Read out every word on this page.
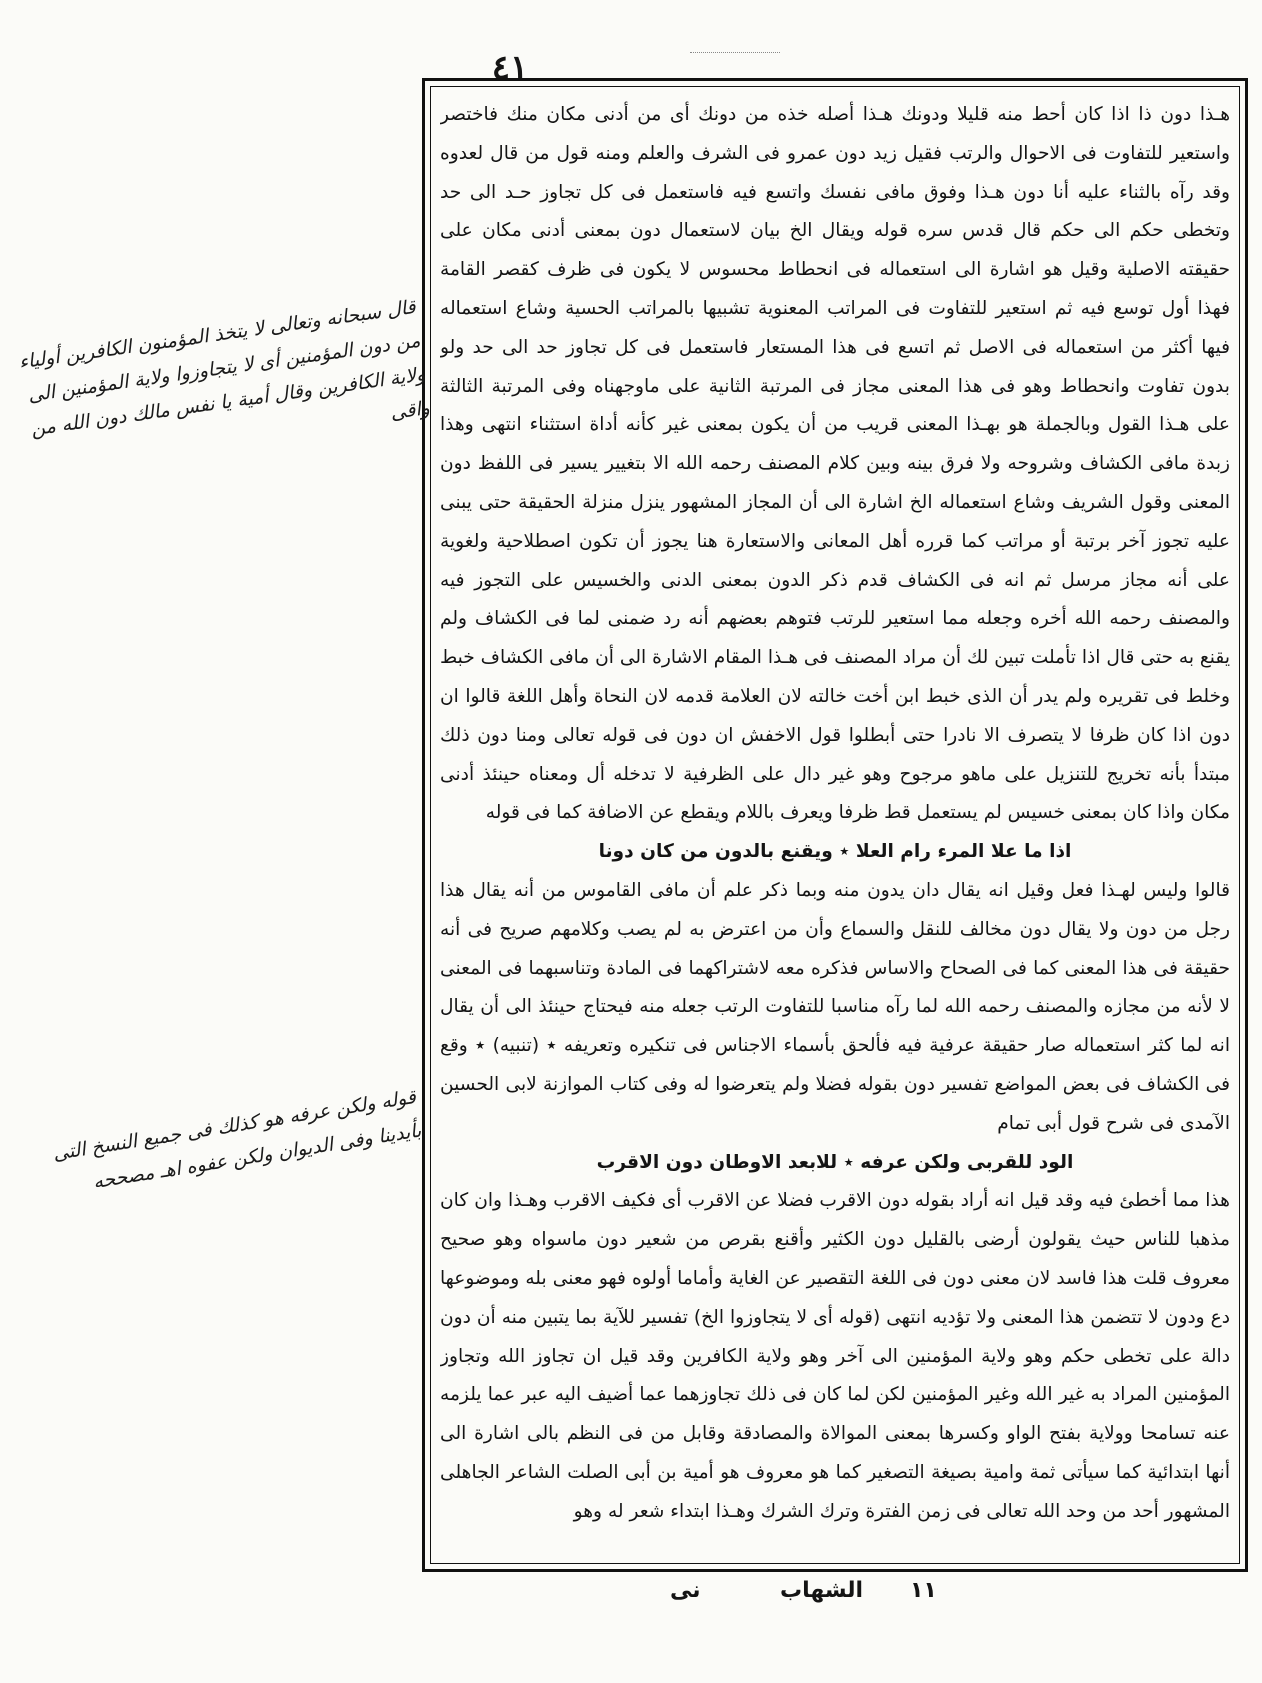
٤١

هـذا دون ذا اذا كان أحط منه قليلا ودونك هـذا أصله خذه من دونك أى من أدنى مكان منك فاختصر واستعير للتفاوت فى الاحوال والرتب فقيل زيد دون عمرو فى الشرف والعلم ومنه قول من قال لعدوه وقد رآه بالثناء عليه أنا دون هـذا وفوق مافى نفسك واتسع فيه فاستعمل فى كل تجاوز حـد الى حد وتخطى حكم الى حكم قال قدس سره قوله ويقال الخ بيان لاستعمال دون بمعنى أدنى مكان على حقيقته الاصلية وقيل هو اشارة الى استعماله فى انحطاط محسوس لا يكون فى ظرف كقصر القامة فهذا أول توسع فيه ثم استعير للتفاوت فى المراتب المعنوية تشبيها بالمراتب الحسية وشاع استعماله فيها أكثر من استعماله فى الاصل ثم اتسع فى هذا المستعار فاستعمل فى كل تجاوز حد الى حد ولو بدون تفاوت وانحطاط وهو فى هذا المعنى مجاز فى المرتبة الثانية على ماوجهناه وفى المرتبة الثالثة على هـذا القول وبالجملة هو بهـذا المعنى قريب من أن يكون بمعنى غير كأنه أداة استثناء انتهى وهذا زبدة مافى الكشاف وشروحه ولا فرق بينه وبين كلام المصنف رحمه الله الا بتغيير يسير فى اللفظ دون المعنى وقول الشريف وشاع استعماله الخ اشارة الى أن المجاز المشهور ينزل منزلة الحقيقة حتى يبنى عليه تجوز آخر برتبة أو مراتب كما قرره أهل المعانى والاستعارة هنا يجوز أن تكون اصطلاحية ولغوية على أنه مجاز مرسل ثم انه فى الكشاف قدم ذكر الدون بمعنى الدنى والخسيس على التجوز فيه والمصنف رحمه الله أخره وجعله مما استعير للرتب فتوهم بعضهم أنه رد ضمنى لما فى الكشاف ولم يقنع به حتى قال اذا تأملت تبين لك أن مراد المصنف فى هـذا المقام الاشارة الى أن مافى الكشاف خبط وخلط فى تقريره ولم يدر أن الذى خبط ابن أخت خالته لان العلامة قدمه لان النحاة وأهل اللغة قالوا ان دون اذا كان ظرفا لا يتصرف الا نادرا حتى أبطلوا قول الاخفش ان دون فى قوله تعالى ومنا دون ذلك مبتدأ بأنه تخريج للتنزيل على ماهو مرجوح وهو غير دال على الظرفية لا تدخله أل ومعناه حينئذ أدنى مكان واذا كان بمعنى خسيس لم يستعمل قط ظرفا ويعرف باللام ويقطع عن الاضافة كما فى قوله

اذا ما علا المرء رام العلا ٭ ويقنع بالدون من كان دونا

قالوا وليس لهـذا فعل وقيل انه يقال دان يدون منه وبما ذكر علم أن مافى القاموس من أنه يقال هذا رجل من دون ولا يقال دون مخالف للنقل والسماع وأن من اعترض به لم يصب وكلامهم صريح فى أنه حقيقة فى هذا المعنى كما فى الصحاح والاساس فذكره معه لاشتراكهما فى المادة وتناسبهما فى المعنى لا لأنه من مجازه والمصنف رحمه الله لما رآه مناسبا للتفاوت الرتب جعله منه فيحتاج حينئذ الى أن يقال انه لما كثر استعماله صار حقيقة عرفية فيه فألحق بأسماء الاجناس فى تنكيره وتعريفه ٭ (تنبيه) ٭ وقع فى الكشاف فى بعض المواضع تفسير دون بقوله فضلا ولم يتعرضوا له وفى كتاب الموازنة لابى الحسين الآمدى فى شرح قول أبى تمام

الود للقربى ولكن عرفه ٭ للابعد الاوطان دون الاقرب

هذا مما أخطئ فيه وقد قيل انه أراد بقوله دون الاقرب فضلا عن الاقرب أى فكيف الاقرب وهـذا وان كان مذهبا للناس حيث يقولون أرضى بالقليل دون الكثير وأقنع بقرص من شعير دون ماسواه وهو صحيح معروف قلت هذا فاسد لان معنى دون فى اللغة التقصير عن الغاية وأماما أولوه فهو معنى بله وموضوعها دع ودون لا تتضمن هذا المعنى ولا تؤديه انتهى (قوله أى لا يتجاوزوا الخ) تفسير للآية بما يتبين منه أن دون دالة على تخطى حكم وهو ولاية المؤمنين الى آخر وهو ولاية الكافرين وقد قيل ان تجاوز الله وتجاوز المؤمنين المراد به غير الله وغير المؤمنين لكن لما كان فى ذلك تجاوزهما عما أضيف اليه عبر عما يلزمه عنه تسامحا وولاية بفتح الواو وكسرها بمعنى الموالاة والمصادقة وقابل من فى النظم بالى اشارة الى أنها ابتدائية كما سيأتى ثمة وامية بصيغة التصغير كما هو معروف هو أمية بن أبى الصلت الشاعر الجاهلى المشهور أحد من وحد الله تعالى فى زمن الفترة وترك الشرك وهـذا ابتداء شعر له وهو

قال سبحانه وتعالى لا يتخذ المؤمنون الكافرين أولياء من دون المؤمنين أى لا يتجاوزوا ولاية المؤمنين الى ولاية الكافرين وقال أمية يا نفس مالك دون الله من واقى
قوله ولكن عرفه هو كذلك فى جميع النسخ التى بأيدينا وفى الديوان ولكن عفوه اهـ مصححه
١١
الشهاب
نى
